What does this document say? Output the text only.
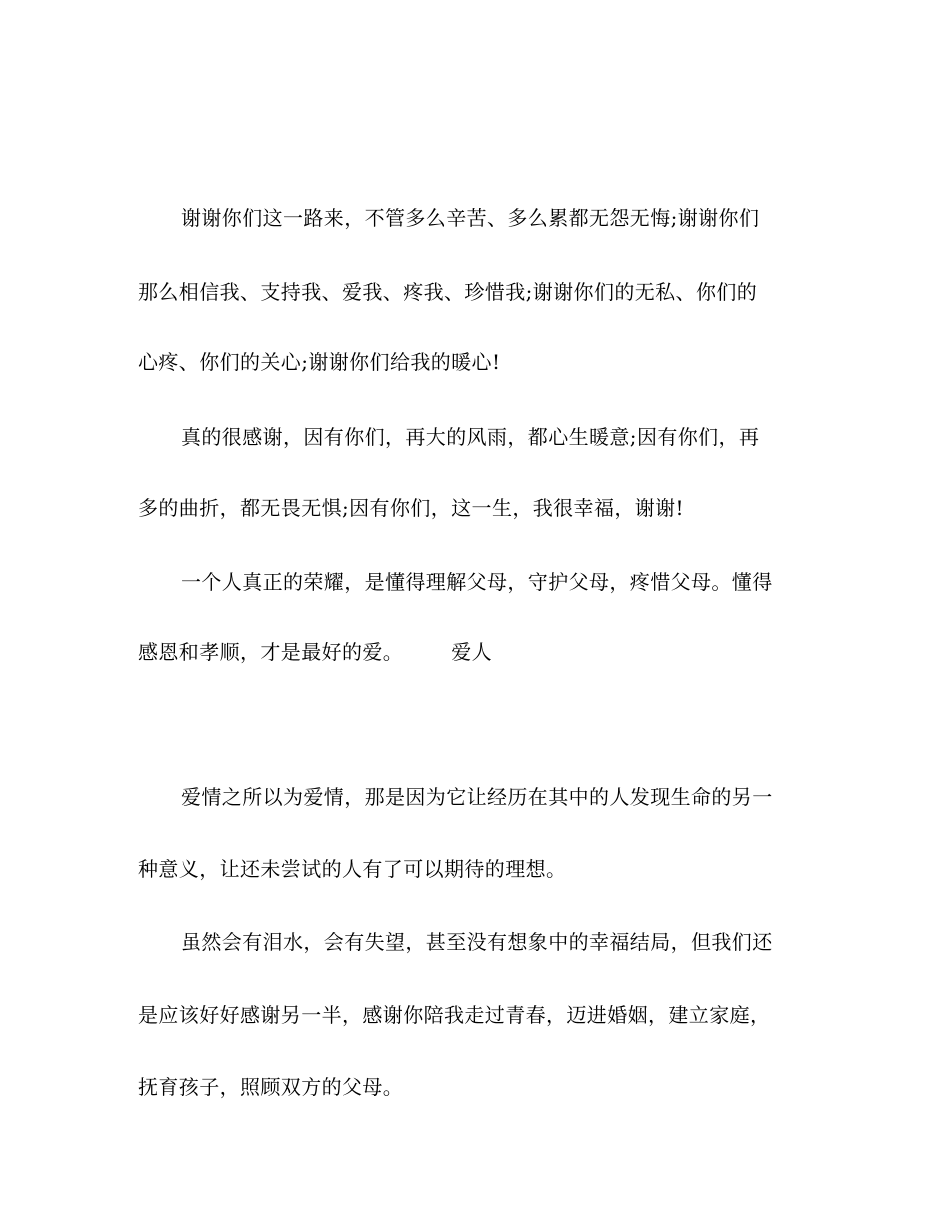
谢谢你们这一路来，不管多么辛苦、多么累都无怨无悔;谢谢你们
那么相信我、支持我、爱我、疼我、珍惜我;谢谢你们的无私、你们的
心疼、你们的关心;谢谢你们给我的暖心!
真的很感谢，因有你们，再大的风雨，都心生暖意;因有你们，再
多的曲折，都无畏无惧;因有你们，这一生，我很幸福，谢谢!
一个人真正的荣耀，是懂得理解父母，守护父母，疼惜父母。懂得
感恩和孝顺，才是最好的爱。 爱人
爱情之所以为爱情，那是因为它让经历在其中的人发现生命的另一
种意义，让还未尝试的人有了可以期待的理想。
虽然会有泪水，会有失望，甚至没有想象中的幸福结局，但我们还
是应该好好感谢另一半，感谢你陪我走过青春，迈进婚姻，建立家庭，
抚育孩子，照顾双方的父母。
